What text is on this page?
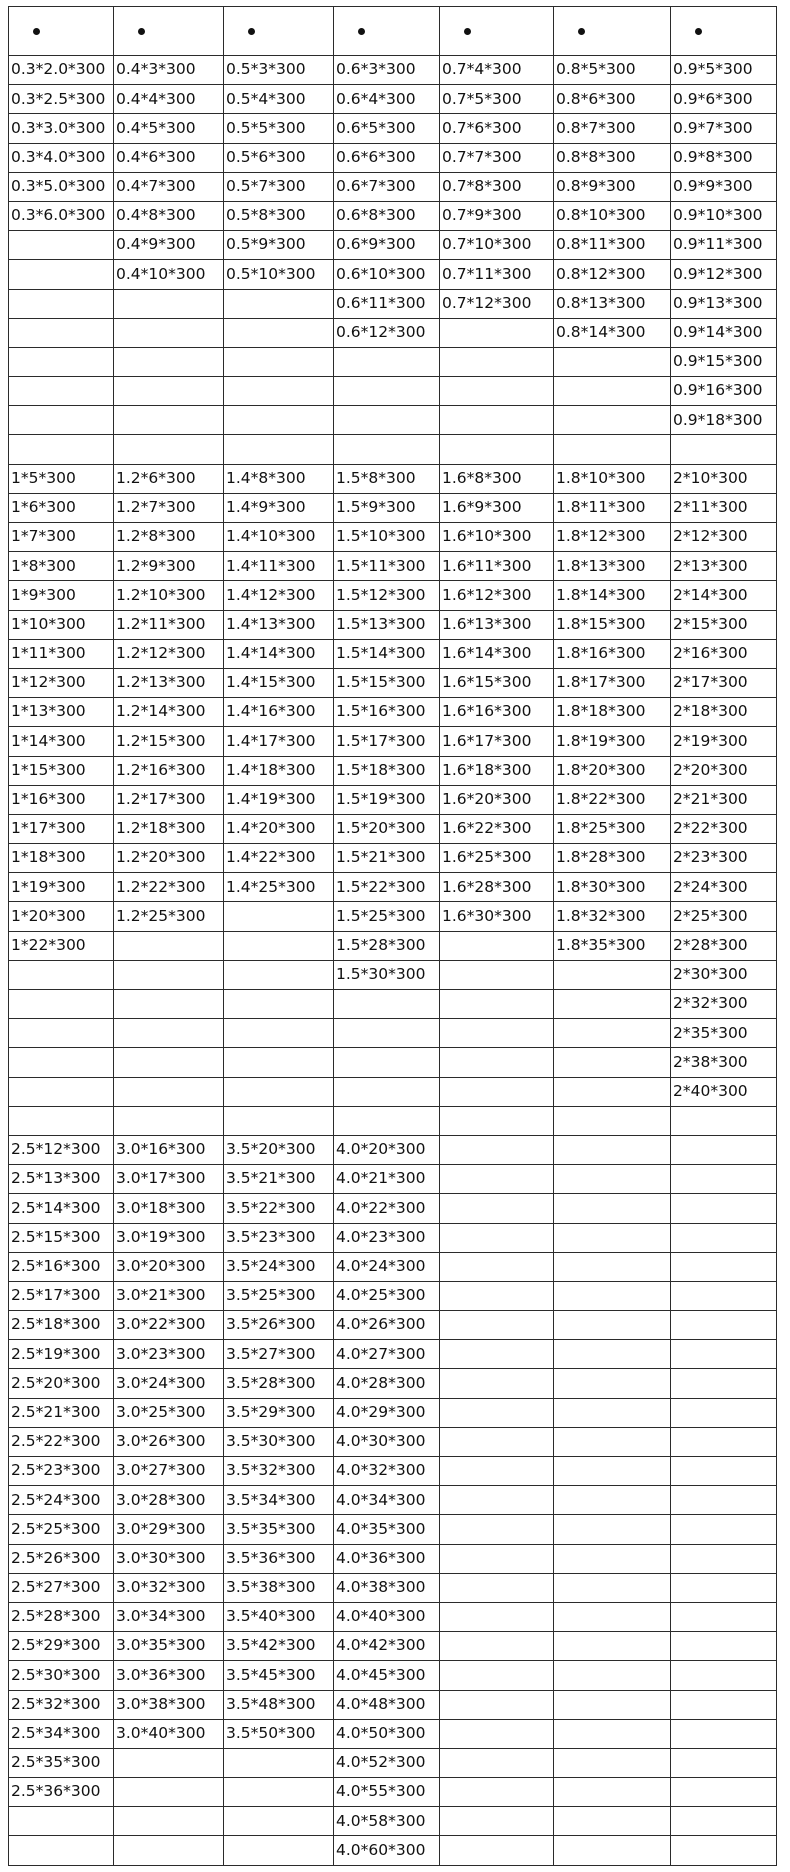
0.3*2.0*300	0.4*3*300	0.5*3*300	0.6*3*300	0.7*4*300	0.8*5*300	0.9*5*300
0.3*2.5*300	0.4*4*300	0.5*4*300	0.6*4*300	0.7*5*300	0.8*6*300	0.9*6*300
0.3*3.0*300	0.4*5*300	0.5*5*300	0.6*5*300	0.7*6*300	0.8*7*300	0.9*7*300
0.3*4.0*300	0.4*6*300	0.5*6*300	0.6*6*300	0.7*7*300	0.8*8*300	0.9*8*300
0.3*5.0*300	0.4*7*300	0.5*7*300	0.6*7*300	0.7*8*300	0.8*9*300	0.9*9*300
0.3*6.0*300	0.4*8*300	0.5*8*300	0.6*8*300	0.7*9*300	0.8*10*300	0.9*10*300
	0.4*9*300	0.5*9*300	0.6*9*300	0.7*10*300	0.8*11*300	0.9*11*300
	0.4*10*300	0.5*10*300	0.6*10*300	0.7*11*300	0.8*12*300	0.9*12*300
			0.6*11*300	0.7*12*300	0.8*13*300	0.9*13*300
			0.6*12*300		0.8*14*300	0.9*14*300
						0.9*15*300
						0.9*16*300
						0.9*18*300

1*5*300	1.2*6*300	1.4*8*300	1.5*8*300	1.6*8*300	1.8*10*300	2*10*300
1*6*300	1.2*7*300	1.4*9*300	1.5*9*300	1.6*9*300	1.8*11*300	2*11*300
1*7*300	1.2*8*300	1.4*10*300	1.5*10*300	1.6*10*300	1.8*12*300	2*12*300
1*8*300	1.2*9*300	1.4*11*300	1.5*11*300	1.6*11*300	1.8*13*300	2*13*300
1*9*300	1.2*10*300	1.4*12*300	1.5*12*300	1.6*12*300	1.8*14*300	2*14*300
1*10*300	1.2*11*300	1.4*13*300	1.5*13*300	1.6*13*300	1.8*15*300	2*15*300
1*11*300	1.2*12*300	1.4*14*300	1.5*14*300	1.6*14*300	1.8*16*300	2*16*300
1*12*300	1.2*13*300	1.4*15*300	1.5*15*300	1.6*15*300	1.8*17*300	2*17*300
1*13*300	1.2*14*300	1.4*16*300	1.5*16*300	1.6*16*300	1.8*18*300	2*18*300
1*14*300	1.2*15*300	1.4*17*300	1.5*17*300	1.6*17*300	1.8*19*300	2*19*300
1*15*300	1.2*16*300	1.4*18*300	1.5*18*300	1.6*18*300	1.8*20*300	2*20*300
1*16*300	1.2*17*300	1.4*19*300	1.5*19*300	1.6*20*300	1.8*22*300	2*21*300
1*17*300	1.2*18*300	1.4*20*300	1.5*20*300	1.6*22*300	1.8*25*300	2*22*300
1*18*300	1.2*20*300	1.4*22*300	1.5*21*300	1.6*25*300	1.8*28*300	2*23*300
1*19*300	1.2*22*300	1.4*25*300	1.5*22*300	1.6*28*300	1.8*30*300	2*24*300
1*20*300	1.2*25*300		1.5*25*300	1.6*30*300	1.8*32*300	2*25*300
1*22*300			1.5*28*300		1.8*35*300	2*28*300
			1.5*30*300			2*30*300
						2*32*300
						2*35*300
						2*38*300
						2*40*300

2.5*12*300	3.0*16*300	3.5*20*300	4.0*20*300			
2.5*13*300	3.0*17*300	3.5*21*300	4.0*21*300			
2.5*14*300	3.0*18*300	3.5*22*300	4.0*22*300			
2.5*15*300	3.0*19*300	3.5*23*300	4.0*23*300			
2.5*16*300	3.0*20*300	3.5*24*300	4.0*24*300			
2.5*17*300	3.0*21*300	3.5*25*300	4.0*25*300			
2.5*18*300	3.0*22*300	3.5*26*300	4.0*26*300			
2.5*19*300	3.0*23*300	3.5*27*300	4.0*27*300			
2.5*20*300	3.0*24*300	3.5*28*300	4.0*28*300			
2.5*21*300	3.0*25*300	3.5*29*300	4.0*29*300			
2.5*22*300	3.0*26*300	3.5*30*300	4.0*30*300			
2.5*23*300	3.0*27*300	3.5*32*300	4.0*32*300			
2.5*24*300	3.0*28*300	3.5*34*300	4.0*34*300			
2.5*25*300	3.0*29*300	3.5*35*300	4.0*35*300			
2.5*26*300	3.0*30*300	3.5*36*300	4.0*36*300			
2.5*27*300	3.0*32*300	3.5*38*300	4.0*38*300			
2.5*28*300	3.0*34*300	3.5*40*300	4.0*40*300			
2.5*29*300	3.0*35*300	3.5*42*300	4.0*42*300			
2.5*30*300	3.0*36*300	3.5*45*300	4.0*45*300			
2.5*32*300	3.0*38*300	3.5*48*300	4.0*48*300			
2.5*34*300	3.0*40*300	3.5*50*300	4.0*50*300			
2.5*35*300			4.0*52*300			
2.5*36*300			4.0*55*300			
			4.0*58*300			
			4.0*60*300			
